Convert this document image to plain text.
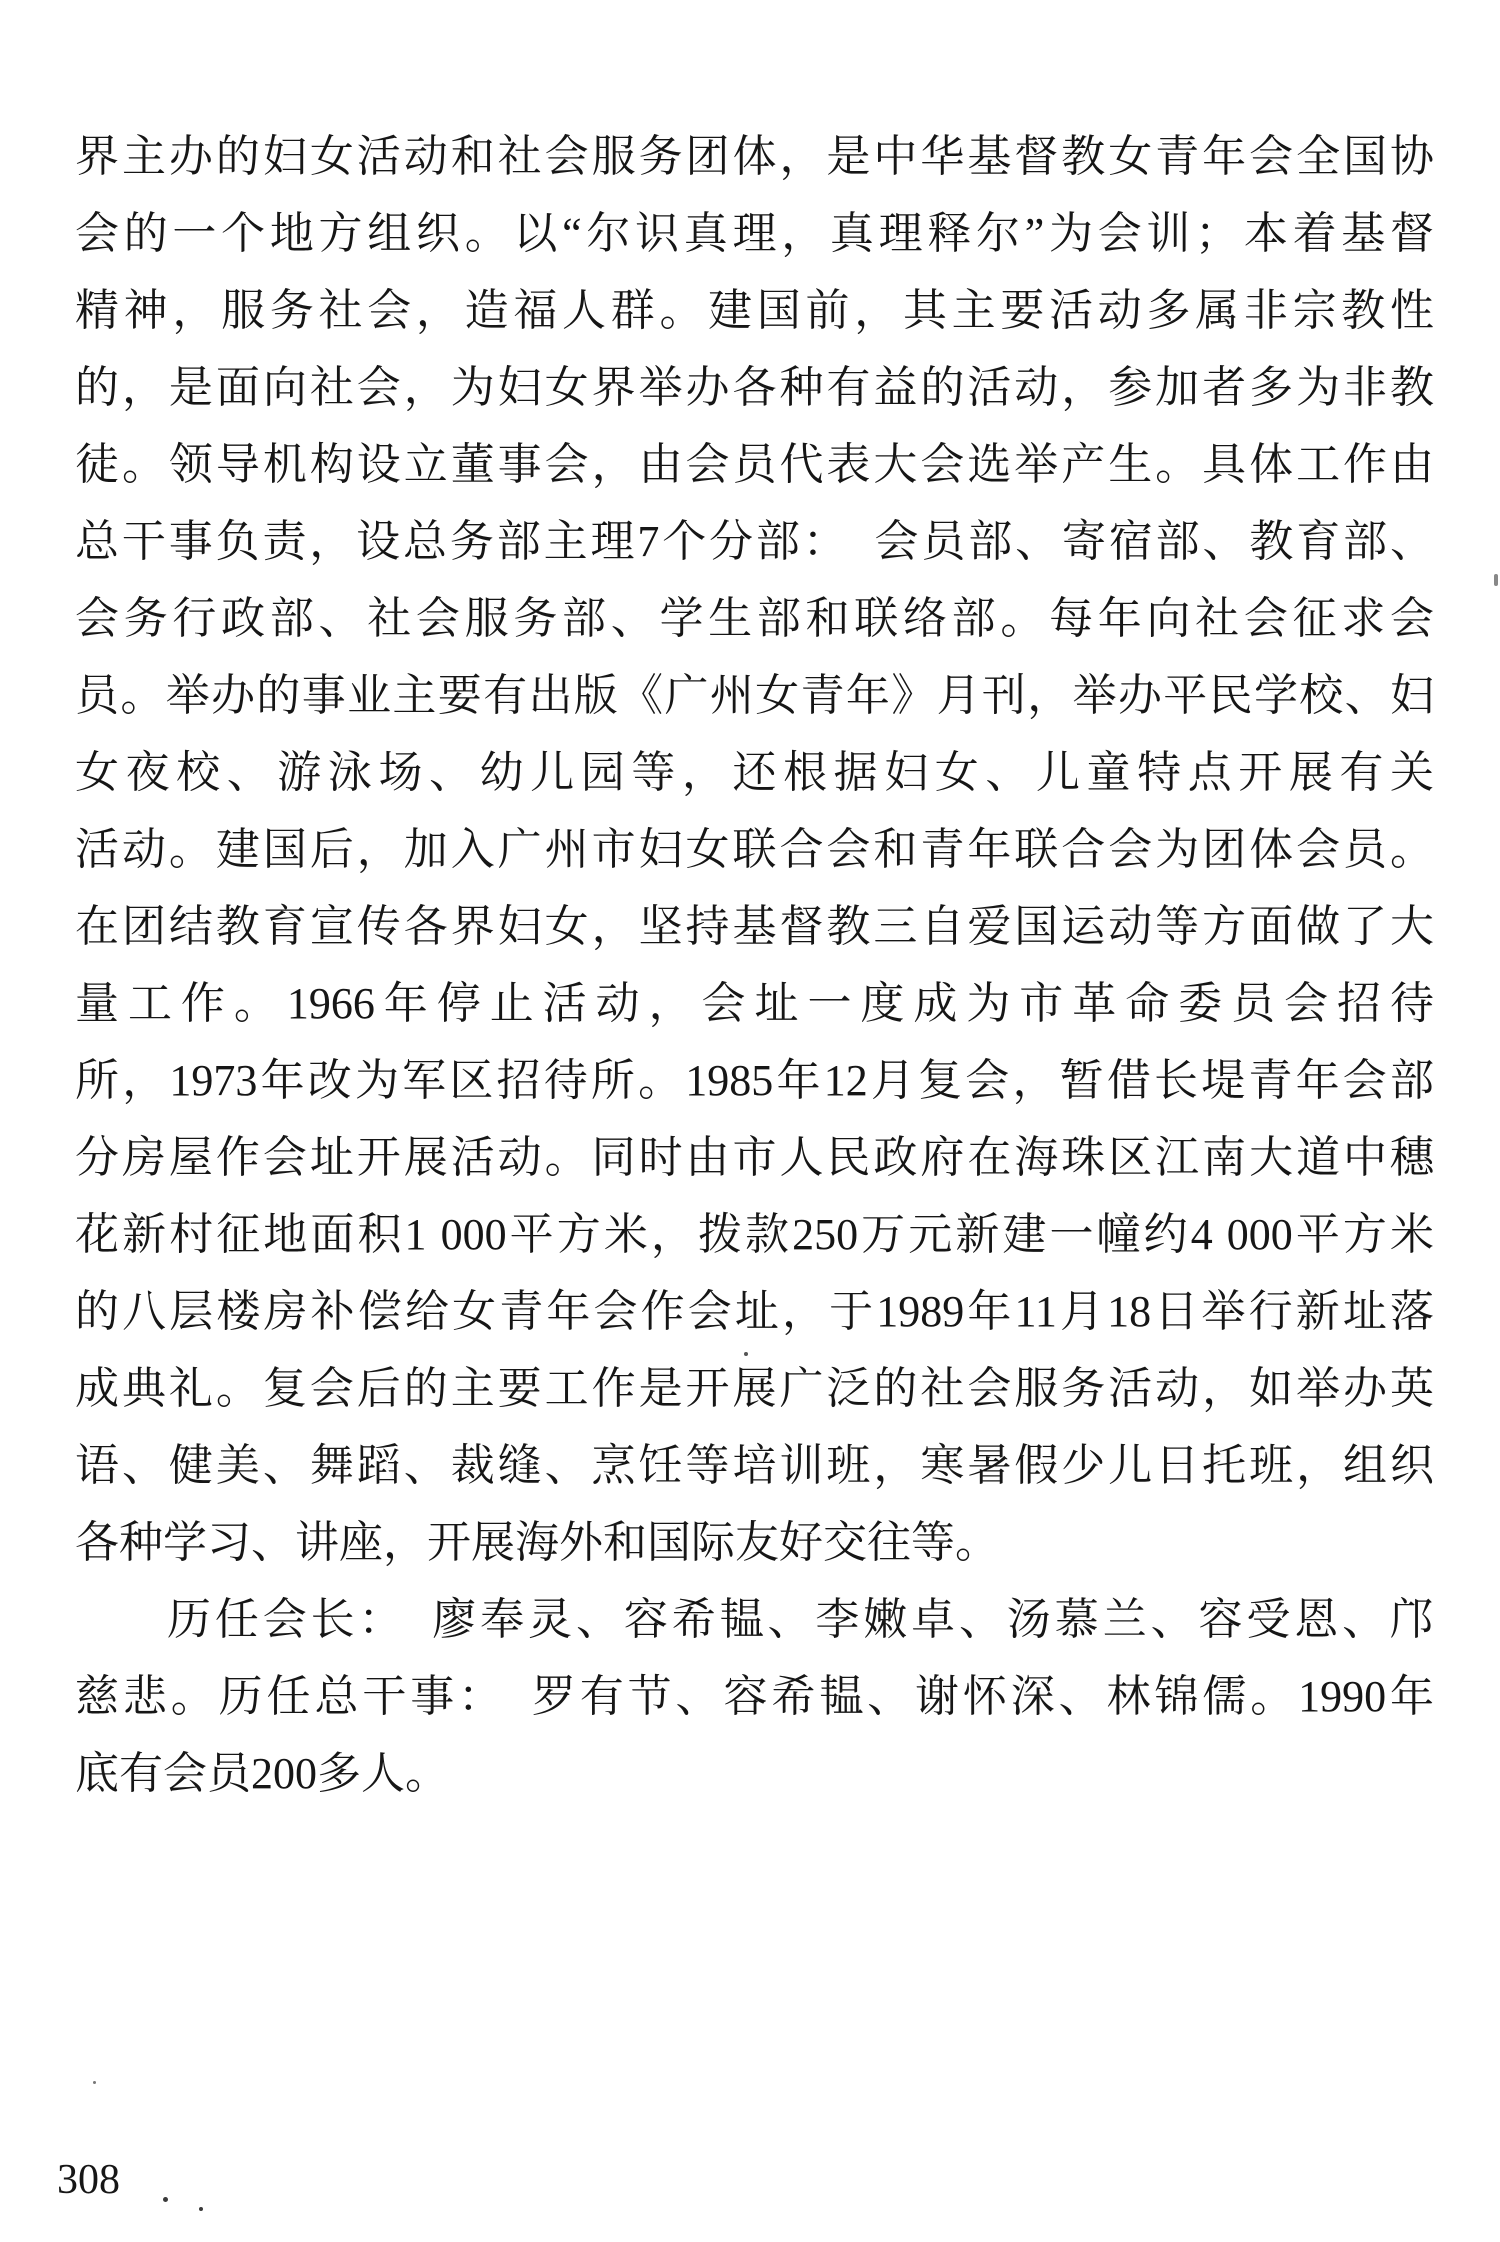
界主办的妇女活动和社会服务团体，是中华基督教女青年会全国协
会的一个地方组织。以“尔识真理，真理释尔”为会训；本着基督
精神，服务社会，造福人群。建国前，其主要活动多属非宗教性
的，是面向社会，为妇女界举办各种有益的活动，参加者多为非教
徒。领导机构设立董事会，由会员代表大会选举产生。具体工作由
总干事负责，设总务部主理7个分部：　会员部、寄宿部、教育部、
会务行政部、社会服务部、学生部和联络部。每年向社会征求会
员。举办的事业主要有出版《广州女青年》月刊，举办平民学校、妇
女夜校、游泳场、幼儿园等，还根据妇女、儿童特点开展有关
活动。建国后，加入广州市妇女联合会和青年联合会为团体会员。
在团结教育宣传各界妇女，坚持基督教三自爱国运动等方面做了大
量工作。1966年停止活动，会址一度成为市革命委员会招待
所，1973年改为军区招待所。1985年12月复会，暂借长堤青年会部
分房屋作会址开展活动。同时由市人民政府在海珠区江南大道中穗
花新村征地面积1 000平方米，拨款250万元新建一幢约4 000平方米
的八层楼房补偿给女青年会作会址，于1989年11月18日举行新址落
成典礼。复会后的主要工作是开展广泛的社会服务活动，如举办英
语、健美、舞蹈、裁缝、烹饪等培训班，寒暑假少儿日托班，组织
各种学习、讲座，开展海外和国际友好交往等。
历任会长：　廖奉灵、容希韫、李嫩卓、汤慕兰、容受恩、邝
慈悲。历任总干事：　罗有节、容希韫、谢怀深、林锦儒。1990年
底有会员200多人。
308
